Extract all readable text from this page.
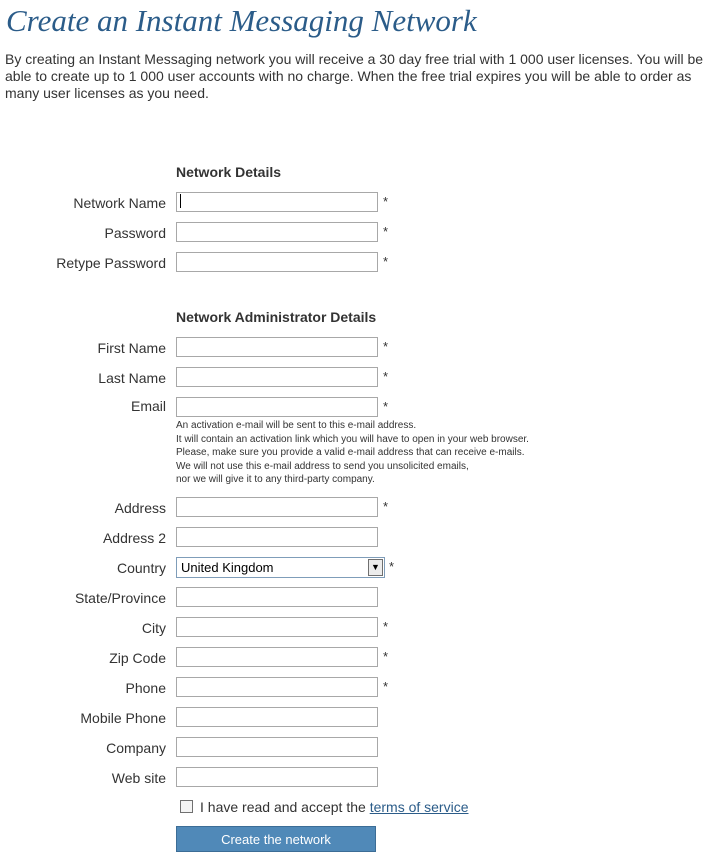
Create an Instant Messaging Network

By creating an Instant Messaging network you will receive a 30 day free trial with 1 000 user licenses. You will be able to create up to 1 000 user accounts with no charge. When the free trial expires you will be able to order as many user licenses as you need.

Network Details
Network Name	*
Password	*
Retype Password	*
Network Administrator Details
First Name	*
Last Name	*
Email	*
An activation e-mail will be sent to this e-mail address.
It will contain an activation link which you will have to open in your web browser.
Please, make sure you provide a valid e-mail address that can receive e-mails.
We will not use this e-mail address to send you unsolicited emails,
nor we will give it to any third-party company.
Address	*
Address 2
Country United Kingdom	▼ *
State/Province
City	*
Zip Code	*
Phone	*
Mobile Phone
Company
Web site
I have read and accept the terms of service
Create the network
